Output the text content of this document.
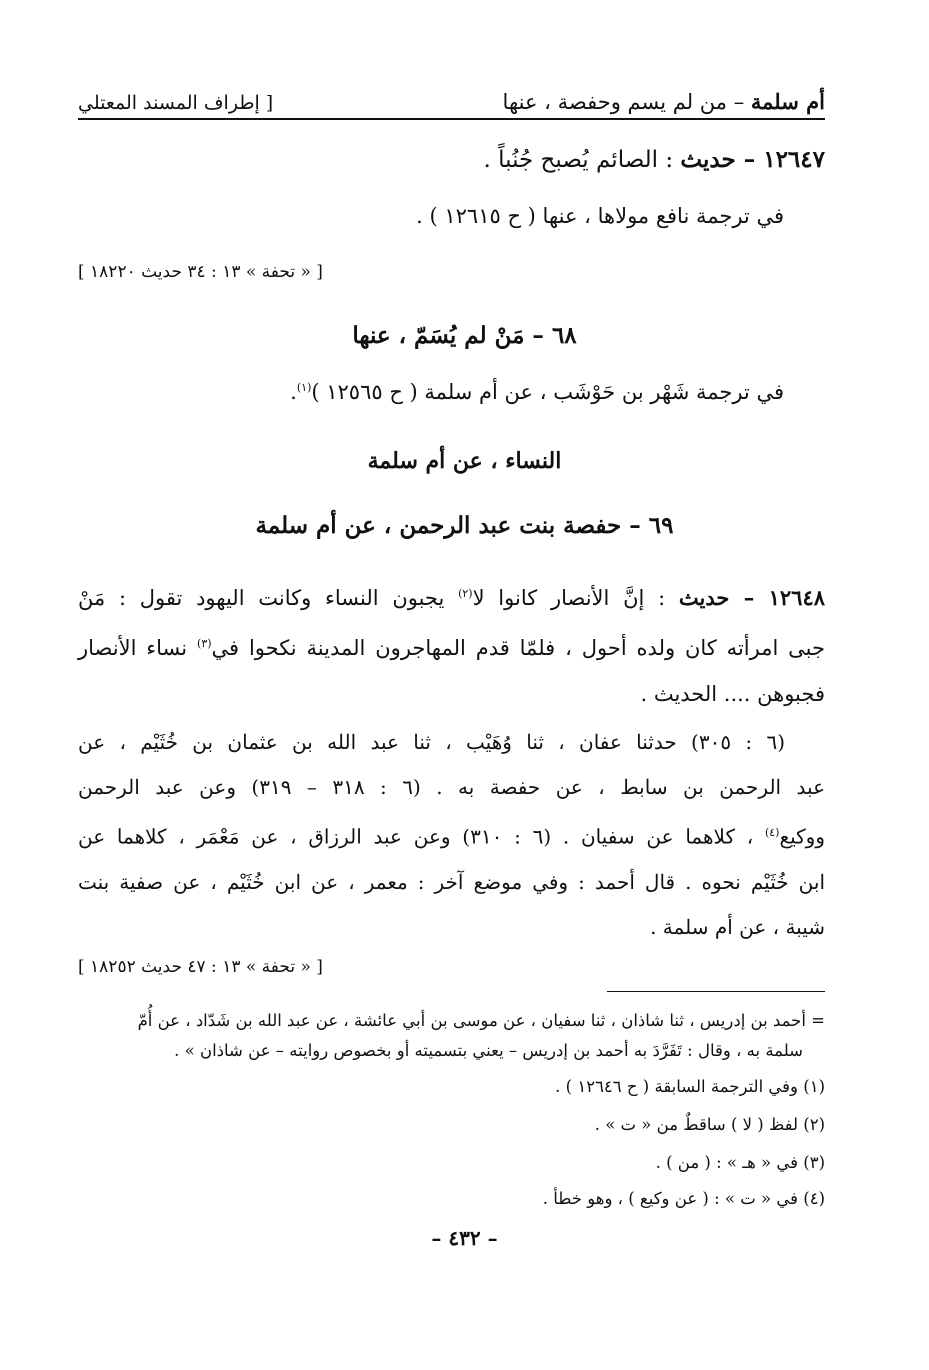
أم سلمة – من لم يسم وحفصة ، عنها
[ إطراف المسند المعتلي
١٢٦٤٧ – حديث : الصائم يُصبح جُنُباً .
في ترجمة نافع مولاها ، عنها ( ح ١٢٦١٥ ) .
[ « تحفة » ١٣ : ٣٤ حديث ١٨٢٢٠ ]
٦٨ – مَنْ لم يُسَمّ ، عنها
في ترجمة شَهْر بن حَوْشَب ، عن أم سلمة ( ح ١٢٥٦٥ )$^{(١)}$.
النساء ، عن أم سلمة
٦٩ – حفصة بنت عبد الرحمن ، عن أم سلمة
١٢٦٤٨ – حديث : إنَّ الأنصار كانوا لا$^{(٢)}$ يجبون النساء وكانت اليهود تقول : مَنْ
جبى امرأته كان ولده أحول ، فلمّا قدم المهاجرون المدينة نكحوا في$^{(٣)}$ نساء الأنصار
فجبوهن .... الحديث .
(٦ : ٣٠٥) حدثنا عفان ، ثنا وُهَيْب ، ثنا عبد الله بن عثمان بن خُثَيْم ، عن
عبد الرحمن بن سابط ، عن حفصة به . (٦ : ٣١٨ – ٣١٩) وعن عبد الرحمن
ووكيع$^{(٤)}$ ، كلاهما عن سفيان . (٦ : ٣١٠) وعن عبد الرزاق ، عن مَعْمَر ، كلاهما عن
ابن خُثَيْم نحوه . قال أحمد : وفي موضع آخر : معمر ، عن ابن خُثَيْم ، عن صفية بنت
شيبة ، عن أم سلمة .
[ « تحفة » ١٣ : ٤٧ حديث ١٨٢٥٢ ]
= أحمد بن إدريس ، ثنا شاذان ، ثنا سفيان ، عن موسى بن أبي عائشة ، عن عبد الله بن شَدّاد ، عن أُمّ
سلمة به ، وقال : تَفَرَّدَ به أحمد بن إدريس – يعني بتسميته أو بخصوص روايته – عن شاذان » .
(١) وفي الترجمة السابقة ( ح ١٢٦٤٦ ) .
(٢) لفظ ( لا ) ساقطٌ من « ت » .
(٣) في « هـ » : ( من ) .
(٤) في « ت » : ( عن وكيع ) ، وهو خطأ .
– ٤٣٢ –
